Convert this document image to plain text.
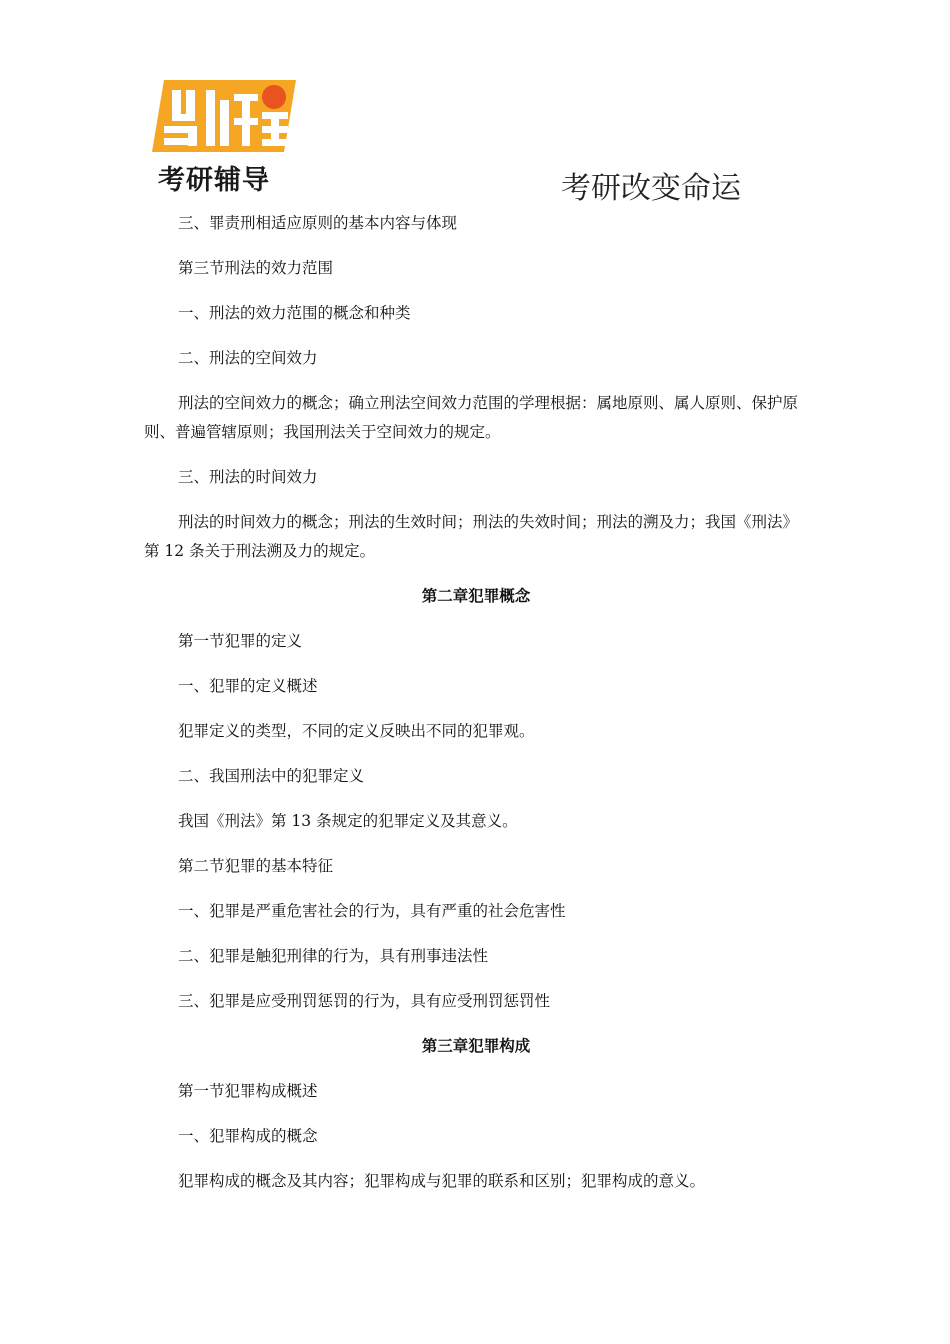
考研辅导	考研改变命运
三、罪责刑相适应原则的基本内容与体现
第三节刑法的效力范围
一、刑法的效力范围的概念和种类
二、刑法的空间效力
刑法的空间效力的概念；确立刑法空间效力范围的学理根据：属地原则、属人原则、保护原则、普遍管辖原则；我国刑法关于空间效力的规定。
三、刑法的时间效力
刑法的时间效力的概念；刑法的生效时间；刑法的失效时间；刑法的溯及力；我国《刑法》第 12 条关于刑法溯及力的规定。
第二章犯罪概念
第一节犯罪的定义
一、犯罪的定义概述
犯罪定义的类型，不同的定义反映出不同的犯罪观。
二、我国刑法中的犯罪定义
我国《刑法》第 13 条规定的犯罪定义及其意义。
第二节犯罪的基本特征
一、犯罪是严重危害社会的行为，具有严重的社会危害性
二、犯罪是触犯刑律的行为，具有刑事违法性
三、犯罪是应受刑罚惩罚的行为，具有应受刑罚惩罚性
第三章犯罪构成
第一节犯罪构成概述
一、犯罪构成的概念
犯罪构成的概念及其内容；犯罪构成与犯罪的联系和区别；犯罪构成的意义。
